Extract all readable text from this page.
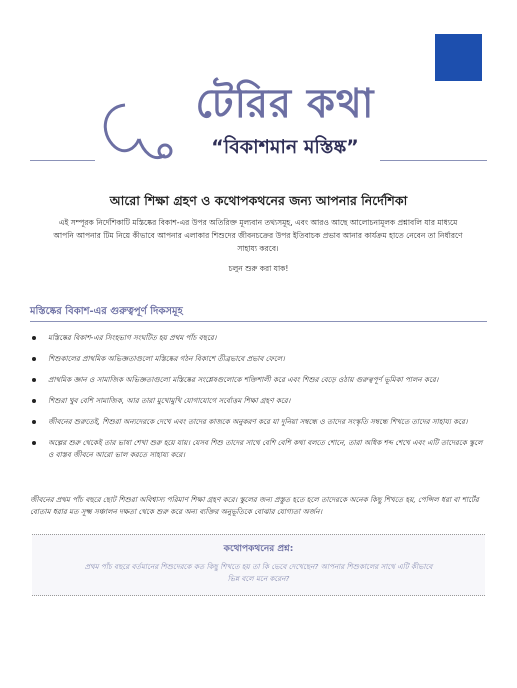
টেরির কথা
“বিকাশমান মস্তিষ্ক”
আরো শিক্ষা গ্রহণ ও কথোপকথনের জন্য আপনার নির্দেশিকা
এই সম্পূরক নির্দেশিকাটি মস্তিষ্কের বিকাশ-এর উপর অতিরিক্ত মূল্যবান তথ্যসমূহ, এবং আরও আছে আলোচনামূলক প্রশ্নাবলি যার মাধ্যমে আপনি আপনার টিম নিয়ে কীভাবে আপনার এলাকার শিশুদের জীবনচক্রের উপর ইতিবাচক প্রভাব আনার কার্যক্রম হাতে নেবেন তা নির্ধারণে সাহায্য করবে।
চলুন শুরু করা যাক!
মস্তিষ্কের বিকাশ-এর গুরুত্বপূর্ণ দিকসমূহ
মস্তিষ্কের বিকাশ-এর সিংহভাগ সংঘটিত হয় প্রথম পাঁচ বছরে।
শিশুকালের প্রাথমিক অভিজ্ঞতাগুলো মস্তিষ্কের গঠন বিকাশে তীব্রভাবে প্রভাব ফেলে।
প্রাথমিক জ্ঞান ও সামাজিক অভিজ্ঞতাগুলো মস্তিষ্কের সংশ্লেষগুলোকে শক্তিশালী করে এবং শিশুর বেড়ে ওঠায় গুরুত্বপূর্ণ ভূমিকা পালন করে।
শিশুরা খুব বেশি সামাজিক, আর তারা মুখোমুখি যোগাযোগে সর্বোত্তম শিক্ষা গ্রহণ করে।
জীবনের শুরুতেই, শিশুরা অন্যদেরকে দেখে এবং তাদের কাজকে অনুকরণ করে যা দুনিয়া সম্বন্ধে ও তাদের সংস্কৃতি সম্বন্ধে শিখতে তাদের সাহায্য করে।
অল্পের শুরু থেকেই তার ভাষা শেখা শুরু হয়ে যায়। যেসব শিশু তাদের সাথে বেশি বেশি কথা বলতে শোনে, তারা অধিক শব্দ শেখে এবং এটি তাদেরকে স্কুলে ও বাস্তব জীবনে আরো ভাল করতে সাহায্য করে।
জীবনের প্রথম পাঁচ বছরে ছোট শিশুরা অবিশ্বাস্য পরিমাণ শিক্ষা গ্রহণ করে। স্কুলের জন্য প্রস্তুত হতে হলে তাদেরকে অনেক কিছু শিখতে হয়, পেন্সিল ধরা বা শার্টের বোতাম ধরার মত সূক্ষ্ম সঞ্চালন দক্ষতা থেকে শুরু করে অন্য ব্যক্তির অনুভূতিকে বোঝার যোগ্যতা অর্জন।
কথোপকথনের প্রশ্ন:
প্রথম পাঁচ বছরে বর্তমানের শিশুদেরকে কত কিছু শিখতে হয় তা কি ভেবে দেখেছেন? আপনার শিশুকালের সাথে এটি কীভাবে ভিন্ন বলে মনে করেন?
